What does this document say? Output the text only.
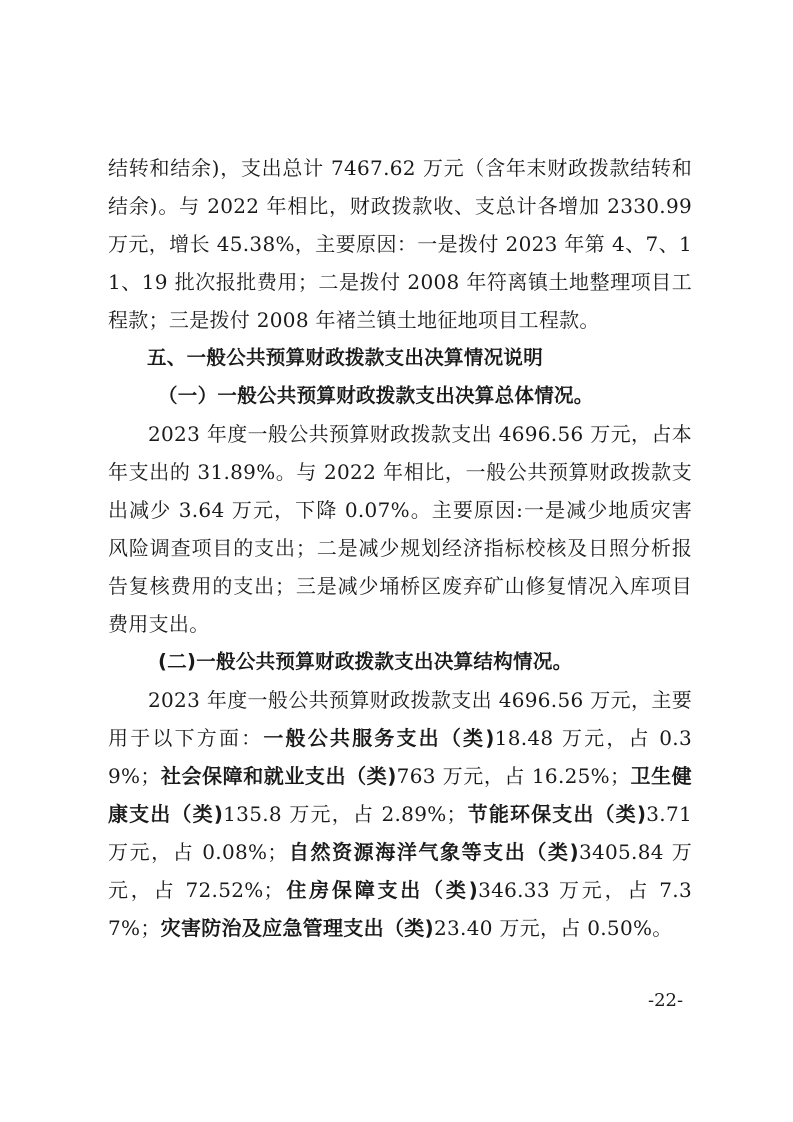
结转和结余)，支出总计 7467.62 万元（含年末财政拨款结转和结余)。与 2022 年相比，财政拨款收、支总计各增加 2330.99 万元，增长 45.38%，主要原因：一是拨付 2023 年第 4、7、11、19 批次报批费用；二是拨付 2008 年符离镇土地整理项目工程款；三是拨付 2008 年褚兰镇土地征地项目工程款。

五、一般公共预算财政拨款支出决算情况说明

（一）一般公共预算财政拨款支出决算总体情况。

2023 年度一般公共预算财政拨款支出 4696.56 万元，占本年支出的 31.89%。与 2022 年相比，一般公共预算财政拨款支出减少 3.64 万元，下降 0.07%。主要原因:一是减少地质灾害风险调查项目的支出；二是减少规划经济指标校核及日照分析报告复核费用的支出；三是减少埇桥区废弃矿山修复情况入库项目费用支出。

(二)一般公共预算财政拨款支出决算结构情况。

2023 年度一般公共预算财政拨款支出 4696.56 万元，主要用于以下方面：一般公共服务支出（类)18.48 万元，占 0.39%；社会保障和就业支出（类)763 万元，占 16.25%；卫生健康支出（类)135.8 万元，占 2.89%；节能环保支出（类)3.71 万元，占 0.08%；自然资源海洋气象等支出（类)3405.84 万元，占 72.52%；住房保障支出（类)346.33 万元，占 7.37%；灾害防治及应急管理支出（类)23.40 万元，占 0.50%。

-22-
